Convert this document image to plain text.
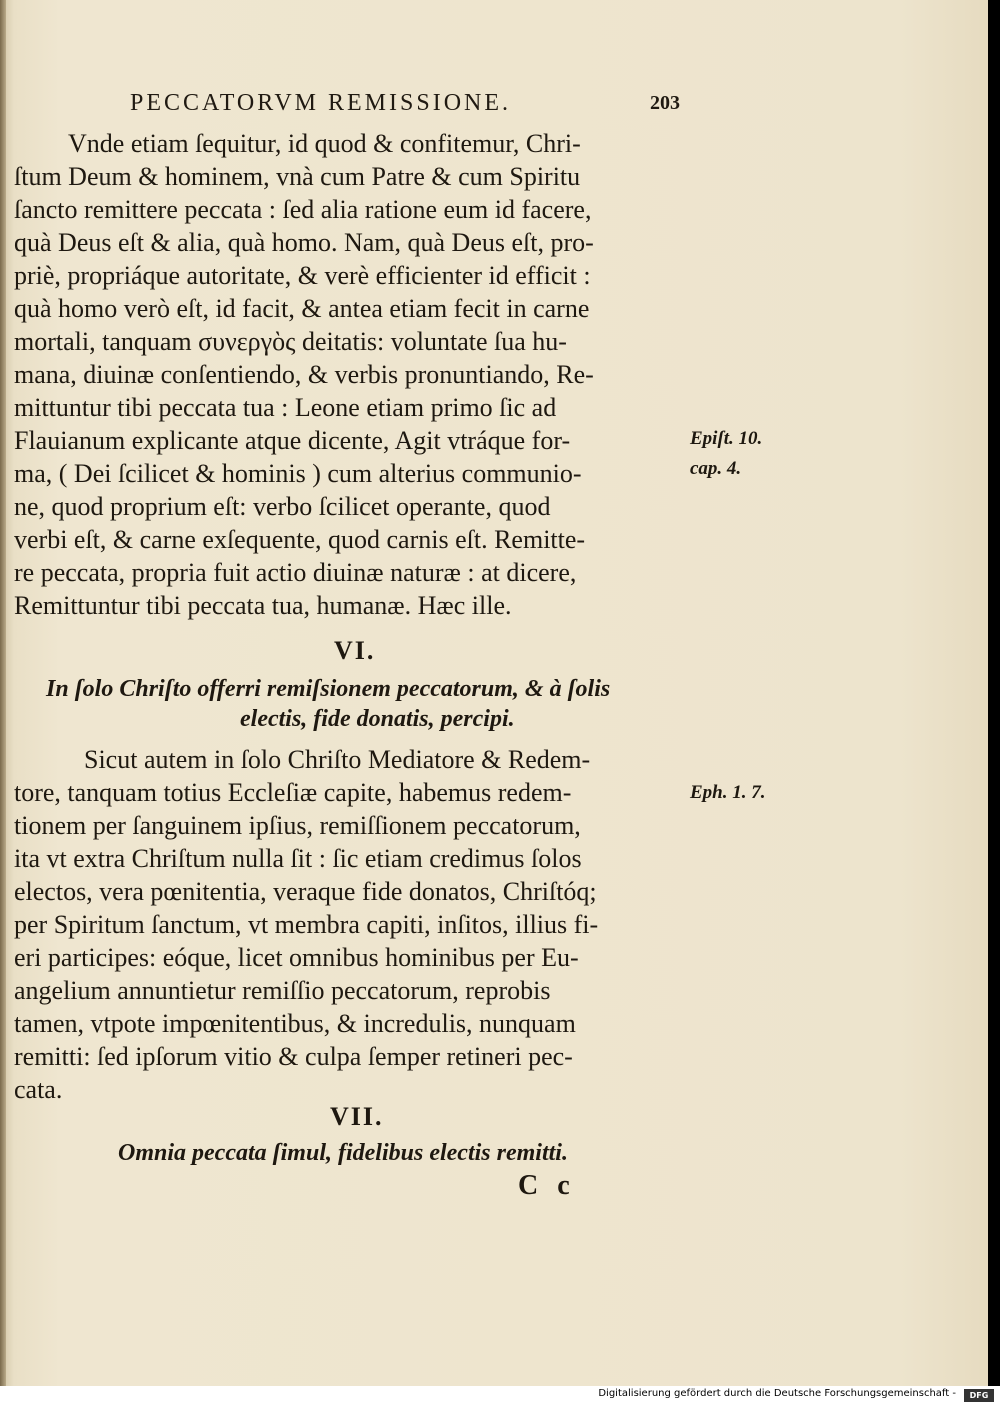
PECCATORVM REMISSIONE.	203
Vnde etiam ſequitur, id quod & confitemur, Chri-
ſtum Deum & hominem, vnà cum Patre & cum Spiritu
ſancto remittere peccata : ſed alia ratione eum id facere,
quà Deus eſt & alia, quà homo. Nam, quà Deus eſt, pro-
priè, propriáque autoritate, & verè efficienter id efficit :
quà homo verò eſt, id facit, & antea etiam fecit in carne
mortali, tanquam συνεργὸς deitatis: voluntate ſua hu-
mana, diuinæ conſentiendo, & verbis pronuntiando, Re-
mittuntur tibi peccata tua : Leone etiam primo ſic ad
Flauianum explicante atque dicente, Agit vtráque for-
ma, ( Dei ſcilicet & hominis ) cum alterius communio-
ne, quod proprium eſt: verbo ſcilicet operante, quod
verbi eſt, & carne exſequente, quod carnis eſt. Remitte-
re peccata, propria fuit actio diuinæ naturæ : at dicere,
Remittuntur tibi peccata tua, humanæ. Hæc ille.
Epiſt. 10.
cap. 4.
VI.
In ſolo Chriſto offerri remiſsionem peccatorum, & à ſolis
electis, fide donatis, percipi.
Sicut autem in ſolo Chriſto Mediatore & Redem-
tore, tanquam totius Eccleſiæ capite, habemus redem-
tionem per ſanguinem ipſius, remiſſionem peccatorum,
ita vt extra Chriſtum nulla ſit : ſic etiam credimus ſolos
electos, vera pœnitentia, veraque fide donatos, Chriſtóq;
per Spiritum ſanctum, vt membra capiti, inſitos, illius fi-
eri participes: eóque, licet omnibus hominibus per Eu-
angelium annuntietur remiſſio peccatorum, reprobis
tamen, vtpote impœnitentibus, & incredulis, nunquam
remitti: ſed ipſorum vitio & culpa ſemper retineri pec-
cata.
Eph. 1. 7.
VII.
Omnia peccata ſimul, fidelibus electis remitti.
C c
Digitalisierung gefördert durch die Deutsche Forschungsgemeinschaft -	DFG
